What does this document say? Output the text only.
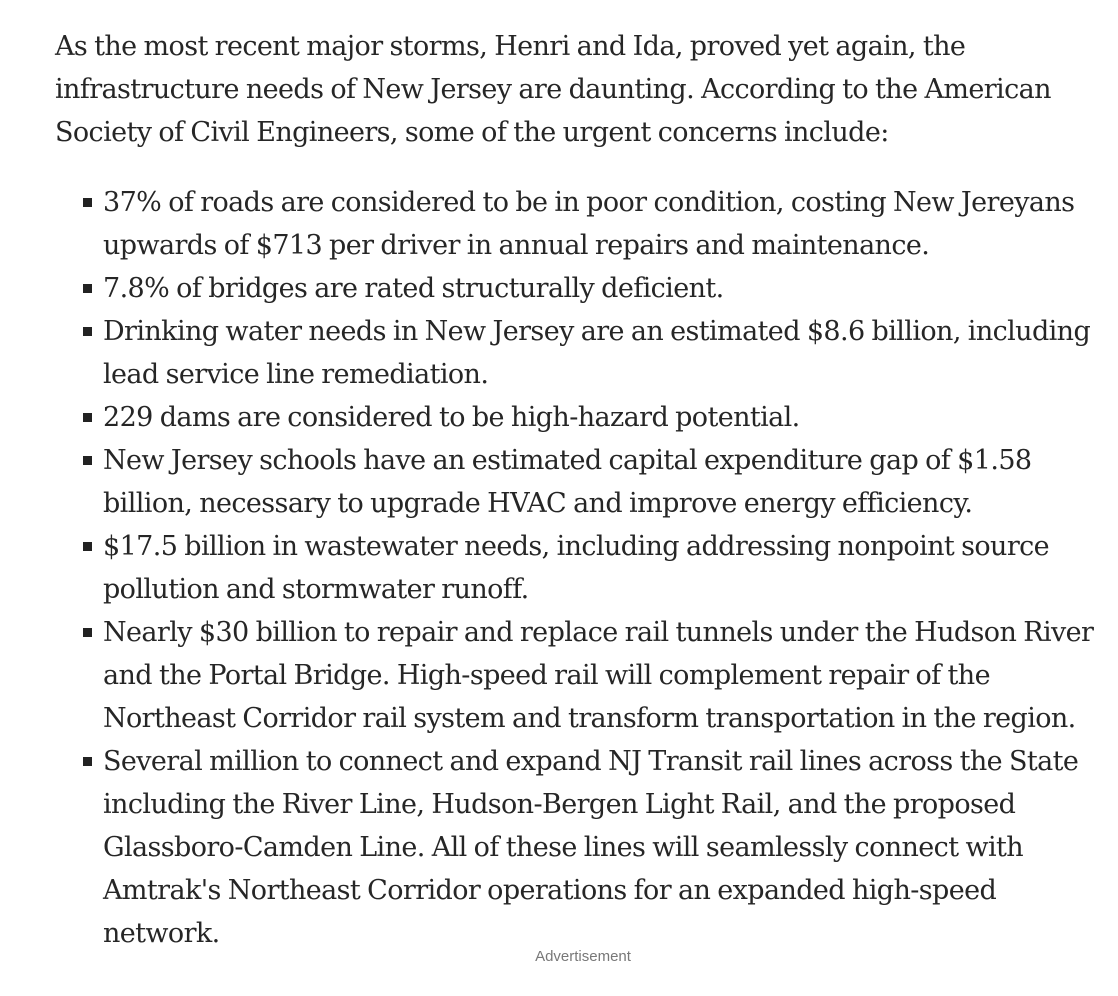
As the most recent major storms, Henri and Ida, proved yet again, the infrastructure needs of New Jersey are daunting. According to the American Society of Civil Engineers, some of the urgent concerns include:

37% of roads are considered to be in poor condition, costing New Jereyans upwards of $713 per driver in annual repairs and maintenance.
7.8% of bridges are rated structurally deficient.
Drinking water needs in New Jersey are an estimated $8.6 billion, including lead service line remediation.
229 dams are considered to be high-hazard potential.
New Jersey schools have an estimated capital expenditure gap of $1.58 billion, necessary to upgrade HVAC and improve energy efficiency.
$17.5 billion in wastewater needs, including addressing nonpoint source pollution and stormwater runoff.
Nearly $30 billion to repair and replace rail tunnels under the Hudson River and the Portal Bridge. High-speed rail will complement repair of the Northeast Corridor rail system and transform transportation in the region.
Several million to connect and expand NJ Transit rail lines across the State including the River Line, Hudson-Bergen Light Rail, and the proposed Glassboro-Camden Line. All of these lines will seamlessly connect with Amtrak's Northeast Corridor operations for an expanded high-speed network.
Advertisement
